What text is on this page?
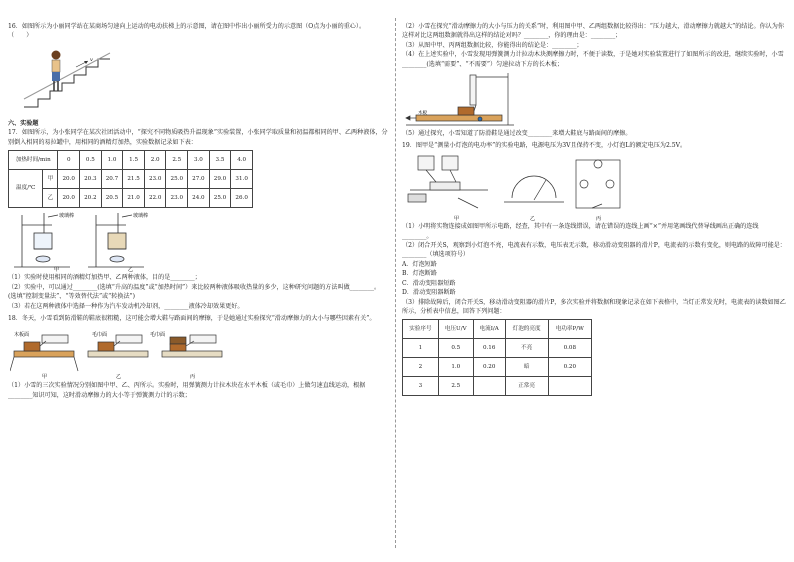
16．如图所示为小丽同学站在某商场匀速向上运动的电动扶梯上的示意图，请在图中作出小丽所受力的示意图（O点为小丽的重心）。

（　　）

v

六、实验题

17．如图所示，为小张同学在某次社团活动中，“探究不同物质吸热升温现象”实验装置，小张同学取质量和初温都相同的甲、乙两种液体，分别倒入相同的易拉罐中，用相同的酒精灯加热，实验数据记录如下表：

加热时间/min		0	0.5	1.0	1.5	2.0	2.5	3.0	3.5	4.0
温度/℃	甲	20.0	20.3	20.7	21.5	23.0	25.0	27.0	29.0	31.0
	乙	20.0	20.2	20.5	21.0	22.0	23.0	24.0	25.0	26.0
玻璃棒	玻璃棒
甲	乙

（1）实验时使用相同的酒精灯加热甲、乙两种液体，目的是________；

（2）实验中，可以通过________(选填“升高的温度”或“加热时间”）来比较两种液体吸收热量的多少，这种研究问题的方法叫做________。(选填“控制变量法”、“等效替代法”或“转换法”)

（3）若在这两种液体中选择一种作为汽车发动机冷却剂，________液体冷却效果更好。

18．冬天，小雪看到防滑鞋的鞋底很粗糙，这可能会增大鞋与路面间的摩擦，于是她通过实验探究“滑动摩擦力的大小与哪些因素有关”。

木板面	毛巾面	毛巾面
甲	乙	丙

（1）小雪的三次实验情况分别如图中甲、乙、丙所示。实验时，用弹簧测力计拉木块在水平木板（或毛巾）上做匀速直线运动，根据________知识可知，这时滑动摩擦力的大小等于弹簧测力计的示数；

（2）小雪在探究“滑动摩擦力的大小与压力的关系”时，利用图中甲、乙两组数据比较得出：“压力越大，滑动摩擦力就越大”的结论。你认为你这样对比这两组数据就得出这样的结论对吗？________，你的理由是：________；

（3）从图中甲、丙两组数据比较，你能得出的结论是：________；

（4）在上述实验中，小雪发现用弹簧测力计拉动木块测摩擦力时，不便于读数，于是她对实验装置进行了如图所示的改进，继续实验时，小雪________(选填“需要”、“不需要”）匀速拉动下方的长木板；

木板

（5）通过探究，小雪知道了防滑鞋是通过改变________来增大鞋底与路面间的摩擦。

19．图甲是“测量小灯泡的电功率”的实验电路，电源电压为3V且保持不变，小灯泡L的额定电压为2.5V。

甲	乙	丙

（1）小明将实物连接成如图甲所示电路，经查，其中有一条连线错误，请在错误的连线上画“×”并用笔画线代替导线画出正确的连线________。

（2）闭合开关S，观察到小灯泡不亮，电流表有示数，电压表无示数，移动滑动变阻器的滑片P，电流表的示数有变化，则电路的故障可能是：________（填选项符号）

A．灯泡短路

B．灯泡断路

C．滑动变阻器短路

D．滑动变阻器断路

（3）排除故障后，闭合开关S，移动滑动变阻器的滑片P，多次实验并将数据和现象记录在如下表格中，当灯正常发光时，电流表的读数如图乙所示，分析表中信息，回答下列问题：

实验序号	电压U/V	电流I/A	灯泡的亮度	电功率P/W
1	0.5	0.16	不亮	0.08
2	1.0	0.20	暗	0.20
3	2.5		正常亮	
